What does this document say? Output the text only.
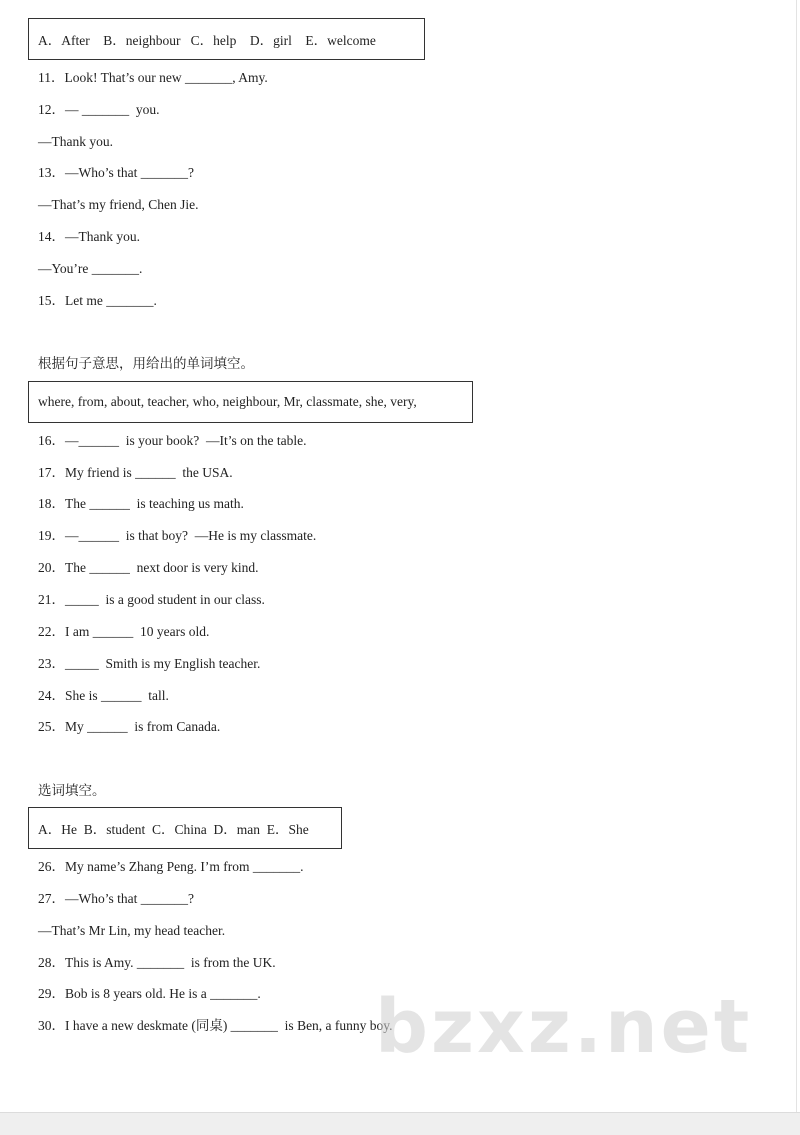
A．After    B．neighbour   C．help    D．girl    E．welcome
11．Look! That’s our new _______, Amy.
12．— _______  you.
—Thank you.
13．—Who’s that _______?
—That’s my friend, Chen Jie.
14．—Thank you.
—You’re _______.
15．Let me _______.
根据句子意思，用给出的单词填空。
where, from, about, teacher, who, neighbour, Mr, classmate, she, very,
16．—______  is your book?  —It’s on the table.
17．My friend is ______  the USA.
18．The ______  is teaching us math.
19．—______  is that boy?  —He is my classmate.
20．The ______  next door is very kind.
21．_____  is a good student in our class.
22．I am ______  10 years old.
23．_____  Smith is my English teacher.
24．She is ______  tall.
25．My ______  is from Canada.
选词填空。
A．He  B．student  C．China  D．man  E．She
26．My name’s Zhang Peng. I’m from _______.
27．—Who’s that _______?
—That’s Mr Lin, my head teacher.
28．This is Amy. _______  is from the UK.
29．Bob is 8 years old. He is a _______.
30．I have a new deskmate (同桌) _______  is Ben, a funny boy.
bzxz.net
